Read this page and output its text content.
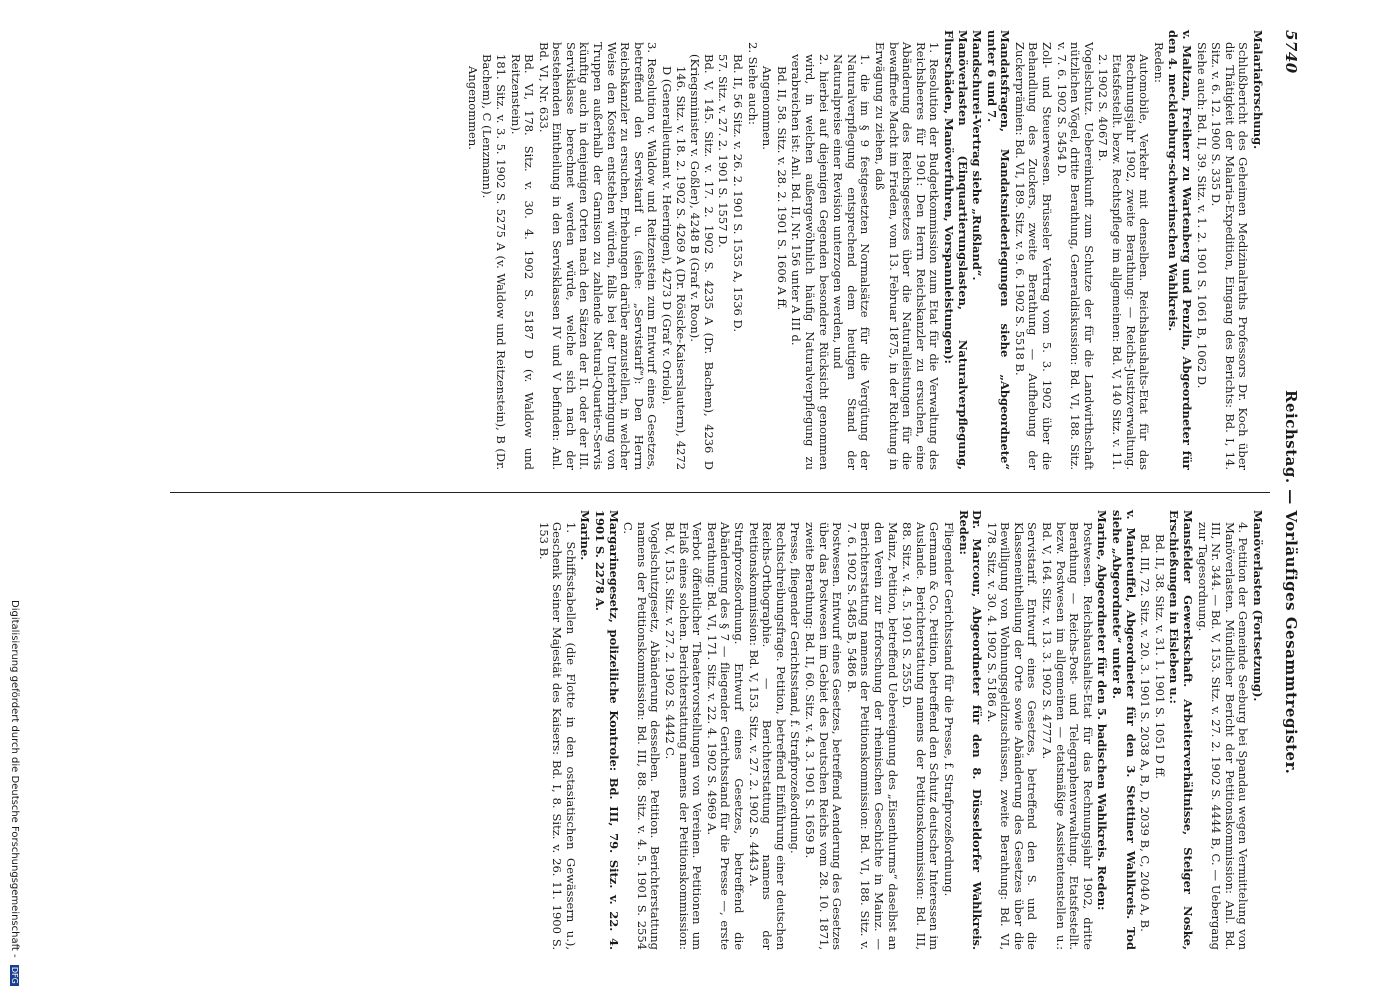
5740
Reichstag. — Vorläufiges Gesammtregister.
Malariaforschung.
Schlußbericht des Geheimen Medizinalraths Professors Dr. Koch über die Thätigkeit der Malaria-Expedition, Eingang des Berichts: Bd. I, 14. Sitz. v. 6. 12. 1900 S. 335 D.
Siehe auch: Bd. II, 39. Sitz. v. 1. 2. 1901 S. 1061 B, 1062 D.
v. Maltzan, Freiherr zu Wartenberg und Penzlin, Abgeordneter für den 4. mecklenburg-schwerinschen Wahlkreis.
Reden:
Automobile, Verkehr mit denselben. Reichshaushalts-Etat für das Rechnungsjahr 1902, zweite Berathung: — Reichs-Justizverwaltung. Etatsfestellt. bezw. Rechtspflege im allgemeinen: Bd. V, 140 Sitz. v. 11. 2. 1902 S. 4067 B.
Vogelschutz. Uebereinkunft zum Schutze der für die Landwirthschaft nützlichen Vögel, dritte Berathung, Generaldiskussion: Bd. VI, 188. Sitz. v. 7. 6. 1902 S. 5454 D.
Zoll- und Steuerwesen. Brüsseler Vertrag vom 5. 3. 1902 über die Behandlung des Zuckers, zweite Berathung — Aufhebung der Zuckerprämien: Bd. VI, 189. Sitz. v. 9. 6. 1902 S. 5518 B.
Mandatsfragen, Mandatsniederlegungen siehe „Abgeordnete“ unter 6 und 7.
Mandschurei-Vertrag siehe „Rußland“.
Manöverlasten (Einquartierungslasten, Naturalverpflegung, Flurschäden, Manöverfuhren, Vorspannleistungen):
1. Resolution der Budgetkommission zum Etat für die Verwaltung des Reichsheeres für 1901: Den Herrn Reichskanzler zu ersuchen, eine Abänderung des Reichsgesetzes über die Naturalleistungen für die bewaffnete Macht im Frieden, vom 13. Februar 1875, in der Richtung in Erwägung zu ziehen, daß
1. die im § 9 festgesetzten Normalsätze für die Vergütung der Naturalverpflegung entsprechend dem heutigen Stand der Naturalpreise einer Revision unterzogen werden, und
2. hierbei auf diejenigen Gegenden besondere Rücksicht genommen wird, in welchen außergewöhnlich häufig Naturalverpflegung zu verabreichen ist: Anl. Bd. II, Nr. 156 unter A III d.
Bd. II, 58. Sitz. v. 28. 2. 1901 S. 1606 A ff.
Angenommen.
2. Siehe auch:
Bd. II, 56 Sitz. v. 26. 2. 1901 S. 1535 A, 1536 D.
57. Sitz. v. 27. 2. 1901 S. 1557 D.
Bd. V, 145. Sitz. v. 17. 2. 1902 S. 4235 A (Dr. Bachem), 4236 D (Kriegsminister v. Goßler), 4248 B (Graf v. Roon).
146. Sitz. v. 18. 2. 1902 S. 4269 A (Dr. Rösicke-Kaiserslautern), 4272 D (Generalleutnant v. Heeringen), 4273 D (Graf v. Oriola).
3. Resolution v. Waldow und Reitzenstein zum Entwurf eines Gesetzes, betreffend den Servistarif u. (siehe: „Servistarif“): Den Herrn Reichskanzler zu ersuchen, Erhebungen darüber anzustellen, in welcher Weise den Kosten entstehen würden, falls bei der Unterbringung von Truppen außerhalb der Garnison zu zahlende Natural-Quartier-Servis künftig auch in denjenigen Orten nach den Sätzen der II. oder der III. Servisklasse berechnet werden würde, welche sich nach der bestehenden Eintheilung in den Servisklassen IV und V befinden: Anl. Bd. VI, Nr. 633.
Bd. VI, 178. Sitz. v. 30. 4. 1902 S. 5187 D (v. Waldow und Reitzenstein).
181. Sitz. v. 3. 5. 1902 S. 5275 A (v. Waldow und Reitzenstein), B (Dr. Bachem), C (Lenzmann).
Angenommen.
Manöverlasten (Fortsetzung).
4. Petition der Gemeinde Seeburg bei Spandau wegen Vermittelung von Manöverlasten. Mündlicher Bericht der Petitionskommission: Anl. Bd. III, Nr. 344. — Bd. V, 153. Sitz. v. 27. 2. 1902 S. 4444 B, C. — Uebergang zur Tagesordnung.
Mansfelder Gewerkschaft. Arbeiterverhältnisse, Steiger Noske, Erschießungen in Eisleben u.:
Bd. II, 38. Sitz. v. 31. 1. 1901 S. 1051 D ff.
Bd. III, 72. Sitz. v. 20. 3. 1901 S. 2038 A, B, D, 2039 B, C, 2040 A, B.
v. Manteuffel, Abgeordneter für den 3. Stettiner Wahlkreis. Tod siehe „Abgeordnete“ unter 8.
Marine, Abgeordneter für den 5. badischen Wahlkreis. Reden:
Postwesen. Reichshaushalts-Etat für das Rechnungsjahr 1902, dritte Berathung — Reichs-Post- und Telegraphenverwaltung. Etatsfestellt. bezw. Postwesen im allgemeinen — etatsmäßige Assistentenstellen u.: Bd. V, 164. Sitz. v. 13. 3. 1902 S. 4777 A.
Servistarif. Entwurf eines Gesetzes, betreffend den S. und die Klasseneintheilung der Orte sowie Abänderung des Gesetzes über die Bewilligung von Wohnungsgeldzuschüssen, zweite Berathung: Bd. VI, 178. Sitz. v. 30. 4. 1902 S. 5186 A.
Dr. Marcour, Abgeordneter für den 8. Düsseldorfer Wahlkreis. Reden:
Fliegender Gerichtsstand für die Presse, f. Strafprozeßordnung.
Germann & Co. Petition, betreffend den Schutz deutscher Interessen im Auslande. Berichterstattung namens der Petitionskommission: Bd. III, 88. Sitz. v. 4. 5. 1901 S. 2555 D.
Mainz, Petition, betreffend Uebereignung des „Eisenthurms“ daselbst an den Verein zur Erforschung der rheinischen Geschichte in Mainz. — Berichterstattung namens der Petitionskommission: Bd. VI, 188. Sitz. v. 7. 6. 1902 S. 5485 B, 5486 B.
Postwesen. Entwurf eines Gesetzes, betreffend Aenderung des Gesetzes über das Postwesen im Gebiet des Deutschen Reichs vom 28. 10. 1871, zweite Berathung: Bd. II, 60. Sitz. v. 4. 3. 1901 S. 1659 B.
Presse, fliegender Gerichtsstand, f. Strafprozeßordnung.
Rechtschreibungsfrage. Petition, betreffend Einführung einer deutschen Reichs-Orthographie. — Berichterstattung namens der Petitionskommission: Bd. V, 153. Sitz. v. 27. 2. 1902 S. 4443 A.
Strafprozeßordnung. Entwurf eines Gesetzes, betreffend die Abänderung des § 7 — fliegender Gerichtsstand für die Presse —, erste Berathung: Bd. VI, 171. Sitz. v. 22. 4. 1902 S. 4969 A.
Verbot öffentlicher Theatervorstellungen von Vereinen. Petitionen um Erlaß eines solchen. Berichterstattung namens der Petitionskommission: Bd. V, 153. Sitz. v. 27. 2. 1902 S. 4442 C.
Vogelschutzgesetz, Abänderung desselben. Petition. Berichterstattung namens der Petitionskommission: Bd. III, 88. Sitz. v. 4. 5. 1901 S. 2554 C.
Margarinegesetz, polizeiliche Kontrole: Bd. III, 79. Sitz. v. 22. 4. 1901 S. 2278 A.
Marine.
1. Schiffsstabellen (die Flotte in den ostasiatischen Gewässern u.), Geschenk Seiner Majestät des Kaisers: Bd. I, 8. Sitz. v. 26. 11. 1900 S. 153 B.
Digitalisierung gefördert durch die Deutsche Forschungsgemeinschaft - DFG
